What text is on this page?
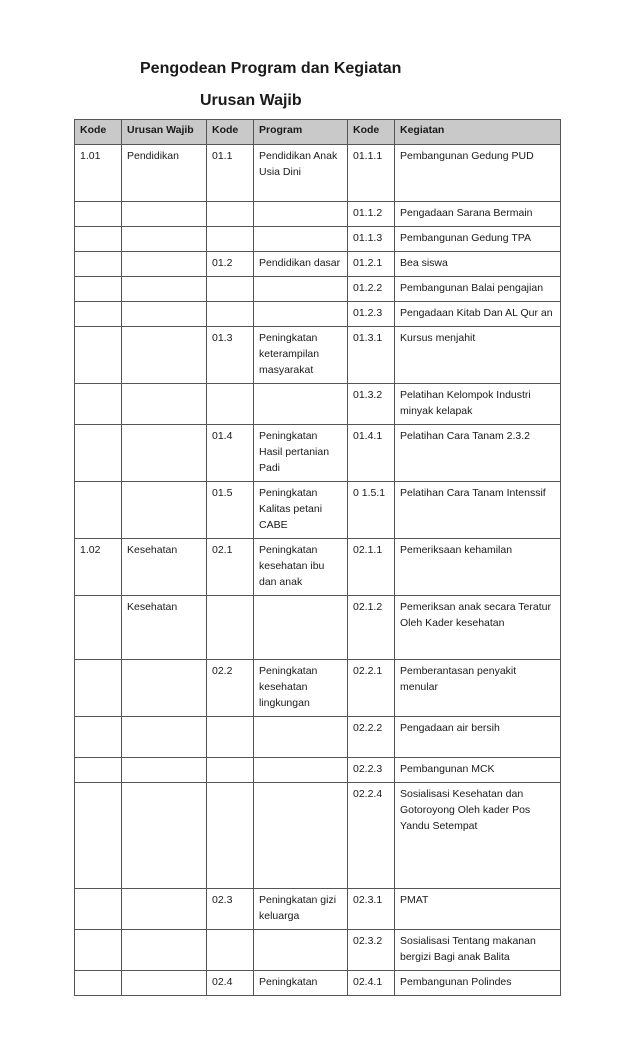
Pengodean Program dan Kegiatan
Urusan Wajib
Kode	Urusan Wajib	Kode	Program	Kode	Kegiatan
1.01	Pendidikan	01.1	Pendidikan Anak Usia Dini	01.1.1	Pembangunan Gedung PUD
				01.1.2	Pengadaan Sarana Bermain
				01.1.3	Pembangunan Gedung TPA
		01.2	Pendidikan dasar	01.2.1	Bea siswa
				01.2.2	Pembangunan Balai pengajian
				01.2.3	Pengadaan Kitab Dan AL Qur an
		01.3	Peningkatan keterampilan masyarakat	01.3.1	Kursus menjahit
				01.3.2	Pelatihan Kelompok Industri minyak kelapak
		01.4	Peningkatan Hasil pertanian Padi	01.4.1	Pelatihan Cara Tanam 2.3.2
		01.5	Peningkatan Kalitas petani CABE	0 1.5.1	Pelatihan Cara Tanam Intenssif
1.02	Kesehatan	02.1	Peningkatan kesehatan ibu dan anak	02.1.1	Pemeriksaan kehamilan
	Kesehatan			02.1.2	Pemeriksan anak secara Teratur Oleh Kader kesehatan
		02.2	Peningkatan kesehatan lingkungan	02.2.1	Pemberantasan penyakit menular
				02.2.2	Pengadaan air bersih
				02.2.3	Pembangunan MCK
				02.2.4	Sosialisasi Kesehatan dan Gotoroyong Oleh kader Pos Yandu Setempat
		02.3	Peningkatan gizi keluarga	02.3.1	PMAT
				02.3.2	Sosialisasi Tentang makanan bergizi Bagi anak Balita
		02.4	Peningkatan	02.4.1	Pembangunan Polindes
